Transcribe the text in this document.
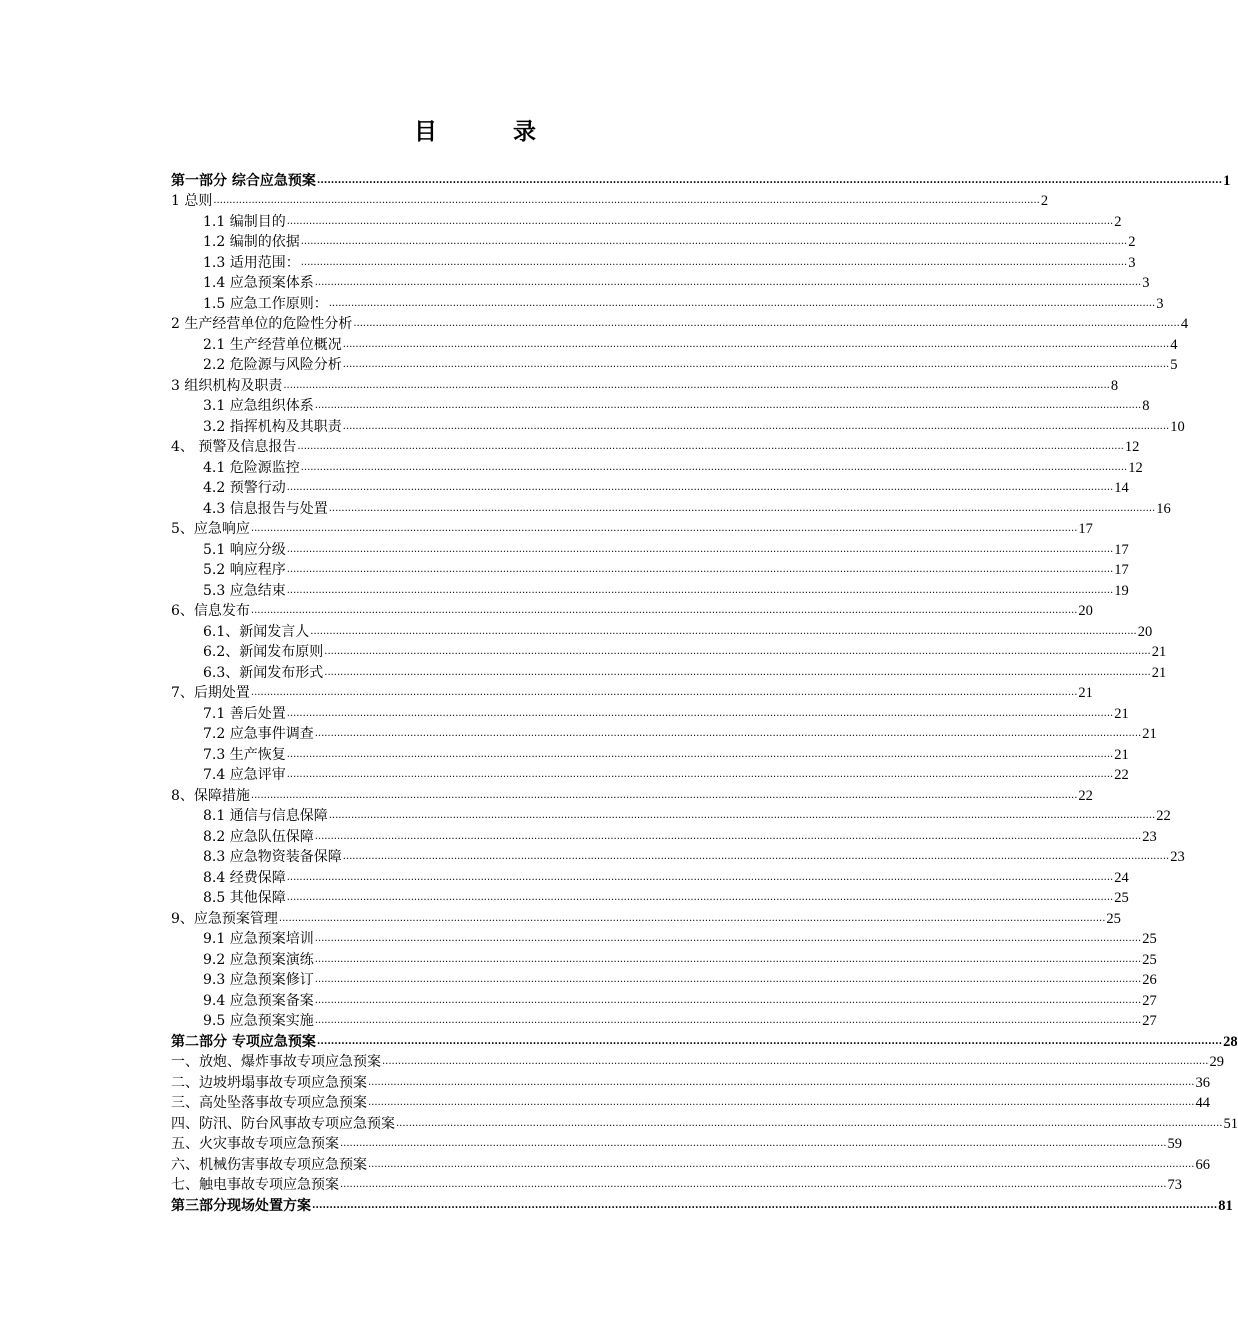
目 录
第一部分 综合应急预案 .................................................................................................................................................................................................................................................................... 1
1 总则 .................................................................................................................................................................................................................................................................... 2
1.1 编制目的 .................................................................................................................................................................................................................................................................... 2
1.2 编制的依据 .................................................................................................................................................................................................................................................................... 2
1.3 适用范围： .................................................................................................................................................................................................................................................................... 3
1.4 应急预案体系 .................................................................................................................................................................................................................................................................... 3
1.5 应急工作原则： .................................................................................................................................................................................................................................................................... 3
2 生产经营单位的危险性分析 .................................................................................................................................................................................................................................................................... 4
2.1 生产经营单位概况 .................................................................................................................................................................................................................................................................... 4
2.2 危险源与风险分析 .................................................................................................................................................................................................................................................................... 5
3 组织机构及职责 .................................................................................................................................................................................................................................................................... 8
3.1 应急组织体系 .................................................................................................................................................................................................................................................................... 8
3.2 指挥机构及其职责 .................................................................................................................................................................................................................................................................... 10
4、 预警及信息报告 .................................................................................................................................................................................................................................................................... 12
4.1 危险源监控 .................................................................................................................................................................................................................................................................... 12
4.2 预警行动 .................................................................................................................................................................................................................................................................... 14
4.3 信息报告与处置 .................................................................................................................................................................................................................................................................... 16
5、应急响应 .................................................................................................................................................................................................................................................................... 17
5.1 响应分级 .................................................................................................................................................................................................................................................................... 17
5.2 响应程序 .................................................................................................................................................................................................................................................................... 17
5.3 应急结束 .................................................................................................................................................................................................................................................................... 19
6、信息发布 .................................................................................................................................................................................................................................................................... 20
6.1、新闻发言人 .................................................................................................................................................................................................................................................................... 20
6.2、新闻发布原则 .................................................................................................................................................................................................................................................................... 21
6.3、新闻发布形式 .................................................................................................................................................................................................................................................................... 21
7、后期处置 .................................................................................................................................................................................................................................................................... 21
7.1 善后处置 .................................................................................................................................................................................................................................................................... 21
7.2 应急事件调查 .................................................................................................................................................................................................................................................................... 21
7.3 生产恢复 .................................................................................................................................................................................................................................................................... 21
7.4 应急评审 .................................................................................................................................................................................................................................................................... 22
8、保障措施 .................................................................................................................................................................................................................................................................... 22
8.1 通信与信息保障 .................................................................................................................................................................................................................................................................... 22
8.2 应急队伍保障 .................................................................................................................................................................................................................................................................... 23
8.3 应急物资装备保障 .................................................................................................................................................................................................................................................................... 23
8.4 经费保障 .................................................................................................................................................................................................................................................................... 24
8.5 其他保障 .................................................................................................................................................................................................................................................................... 25
9、应急预案管理 .................................................................................................................................................................................................................................................................... 25
9.1 应急预案培训 .................................................................................................................................................................................................................................................................... 25
9.2 应急预案演练 .................................................................................................................................................................................................................................................................... 25
9.3 应急预案修订 .................................................................................................................................................................................................................................................................... 26
9.4 应急预案备案 .................................................................................................................................................................................................................................................................... 27
9.5 应急预案实施 .................................................................................................................................................................................................................................................................... 27
第二部分 专项应急预案 .................................................................................................................................................................................................................................................................... 28
一、放炮、爆炸事故专项应急预案 .................................................................................................................................................................................................................................................................... 29
二、边坡坍塌事故专项应急预案 .................................................................................................................................................................................................................................................................... 36
三、高处坠落事故专项应急预案 .................................................................................................................................................................................................................................................................... 44
四、防汛、防台风事故专项应急预案 .................................................................................................................................................................................................................................................................... 51
五、火灾事故专项应急预案 .................................................................................................................................................................................................................................................................... 59
六、机械伤害事故专项应急预案 .................................................................................................................................................................................................................................................................... 66
七、触电事故专项应急预案 .................................................................................................................................................................................................................................................................... 73
第三部分现场处置方案 .................................................................................................................................................................................................................................................................... 81
